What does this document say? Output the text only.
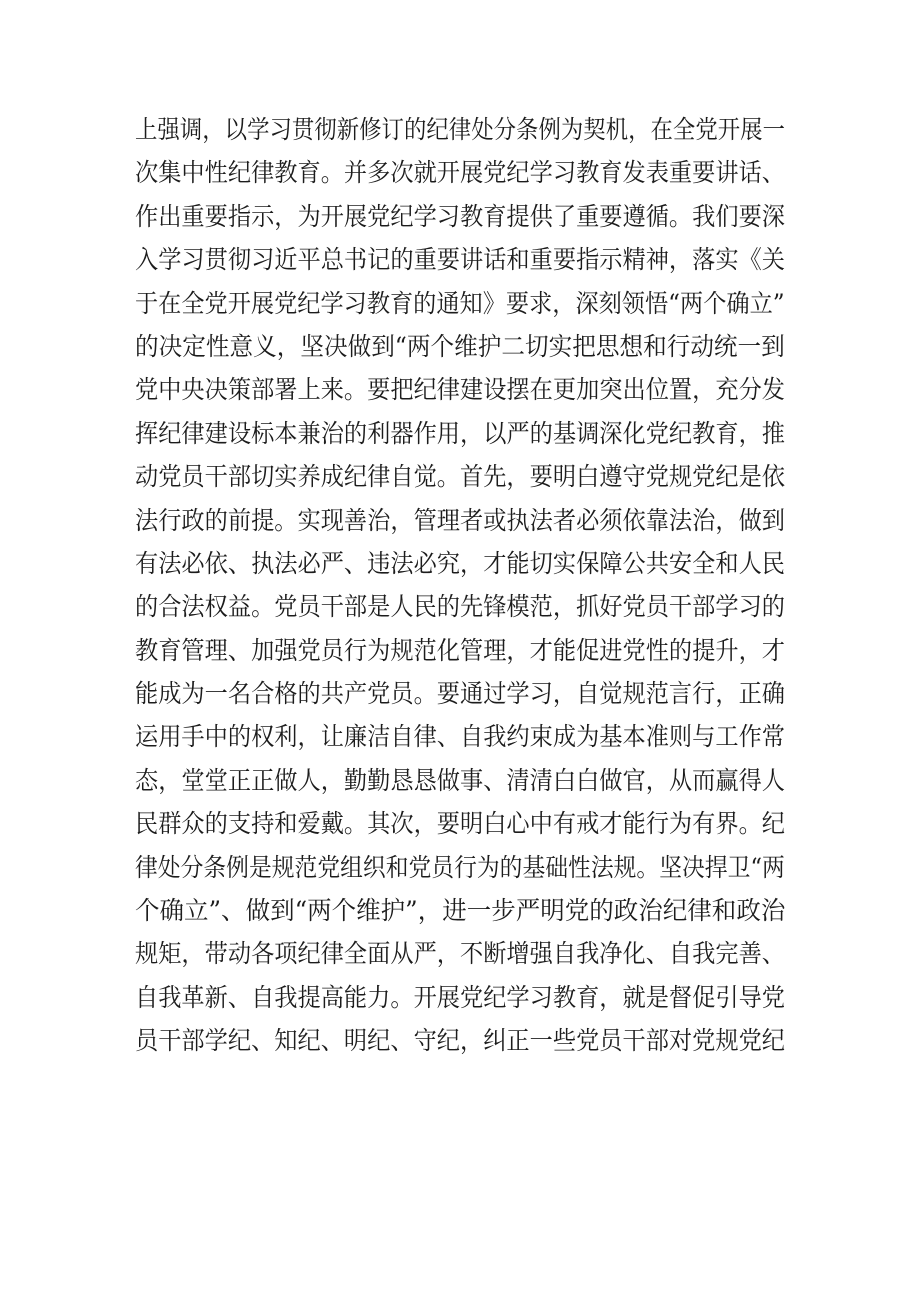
上强调，以学习贯彻新修订的纪律处分条例为契机，在全党开展一
次集中性纪律教育。并多次就开展党纪学习教育发表重要讲话、
作出重要指示，为开展党纪学习教育提供了重要遵循。我们要深
入学习贯彻习近平总书记的重要讲话和重要指示精神，落实《关
于在全党开展党纪学习教育的通知》要求，深刻领悟“两个确立”
的决定性意义，坚决做到“两个维护二切实把思想和行动统一到
党中央决策部署上来。要把纪律建设摆在更加突出位置，充分发
挥纪律建设标本兼治的利器作用，以严的基调深化党纪教育，推
动党员干部切实养成纪律自觉。首先，要明白遵守党规党纪是依
法行政的前提。实现善治，管理者或执法者必须依靠法治，做到
有法必依、执法必严、违法必究，才能切实保障公共安全和人民
的合法权益。党员干部是人民的先锋模范，抓好党员干部学习的
教育管理、加强党员行为规范化管理，才能促进党性的提升，才
能成为一名合格的共产党员。要通过学习，自觉规范言行，正确
运用手中的权利，让廉洁自律、自我约束成为基本准则与工作常
态，堂堂正正做人，勤勤恳恳做事、清清白白做官，从而赢得人
民群众的支持和爱戴。其次，要明白心中有戒才能行为有界。纪
律处分条例是规范党组织和党员行为的基础性法规。坚决捍卫“两
个确立”、做到“两个维护”，进一步严明党的政治纪律和政治
规矩，带动各项纪律全面从严，不断增强自我净化、自我完善、
自我革新、自我提高能力。开展党纪学习教育，就是督促引导党
员干部学纪、知纪、明纪、守纪，纠正一些党员干部对党规党纪
